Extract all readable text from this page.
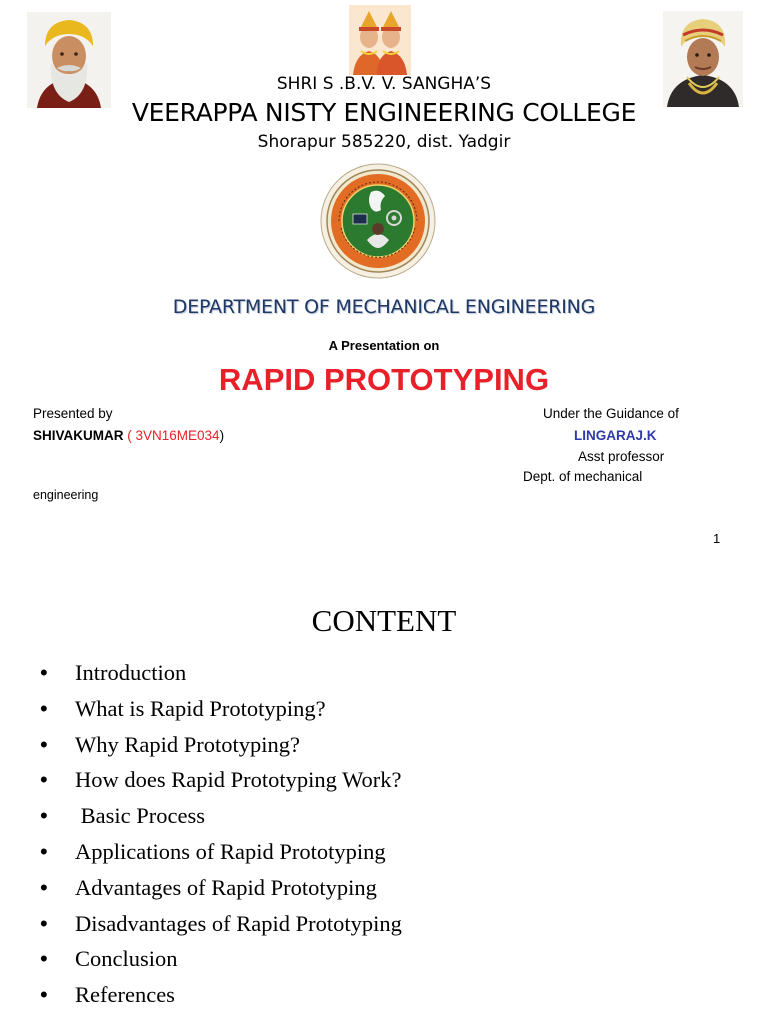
SHRI S .B.V. V. SANGHA’S
VEERAPPA NISTY ENGINEERING COLLEGE
Shorapur 585220, dist. Yadgir
DEPARTMENT OF MECHANICAL ENGINEERING
A Presentation on
RAPID PROTOTYPING
Presented by
SHIVAKUMAR ( 3VN16ME034)
Under the Guidance of
LINGARAJ.K
Asst professor
Dept. of mechanical
engineering
1
CONTENT
• Introduction
• What is Rapid Prototyping?
• Why Rapid Prototyping?
• How does Rapid Prototyping Work?
• Basic Process
• Applications of Rapid Prototyping
• Advantages of Rapid Prototyping
• Disadvantages of Rapid Prototyping
• Conclusion
• References
